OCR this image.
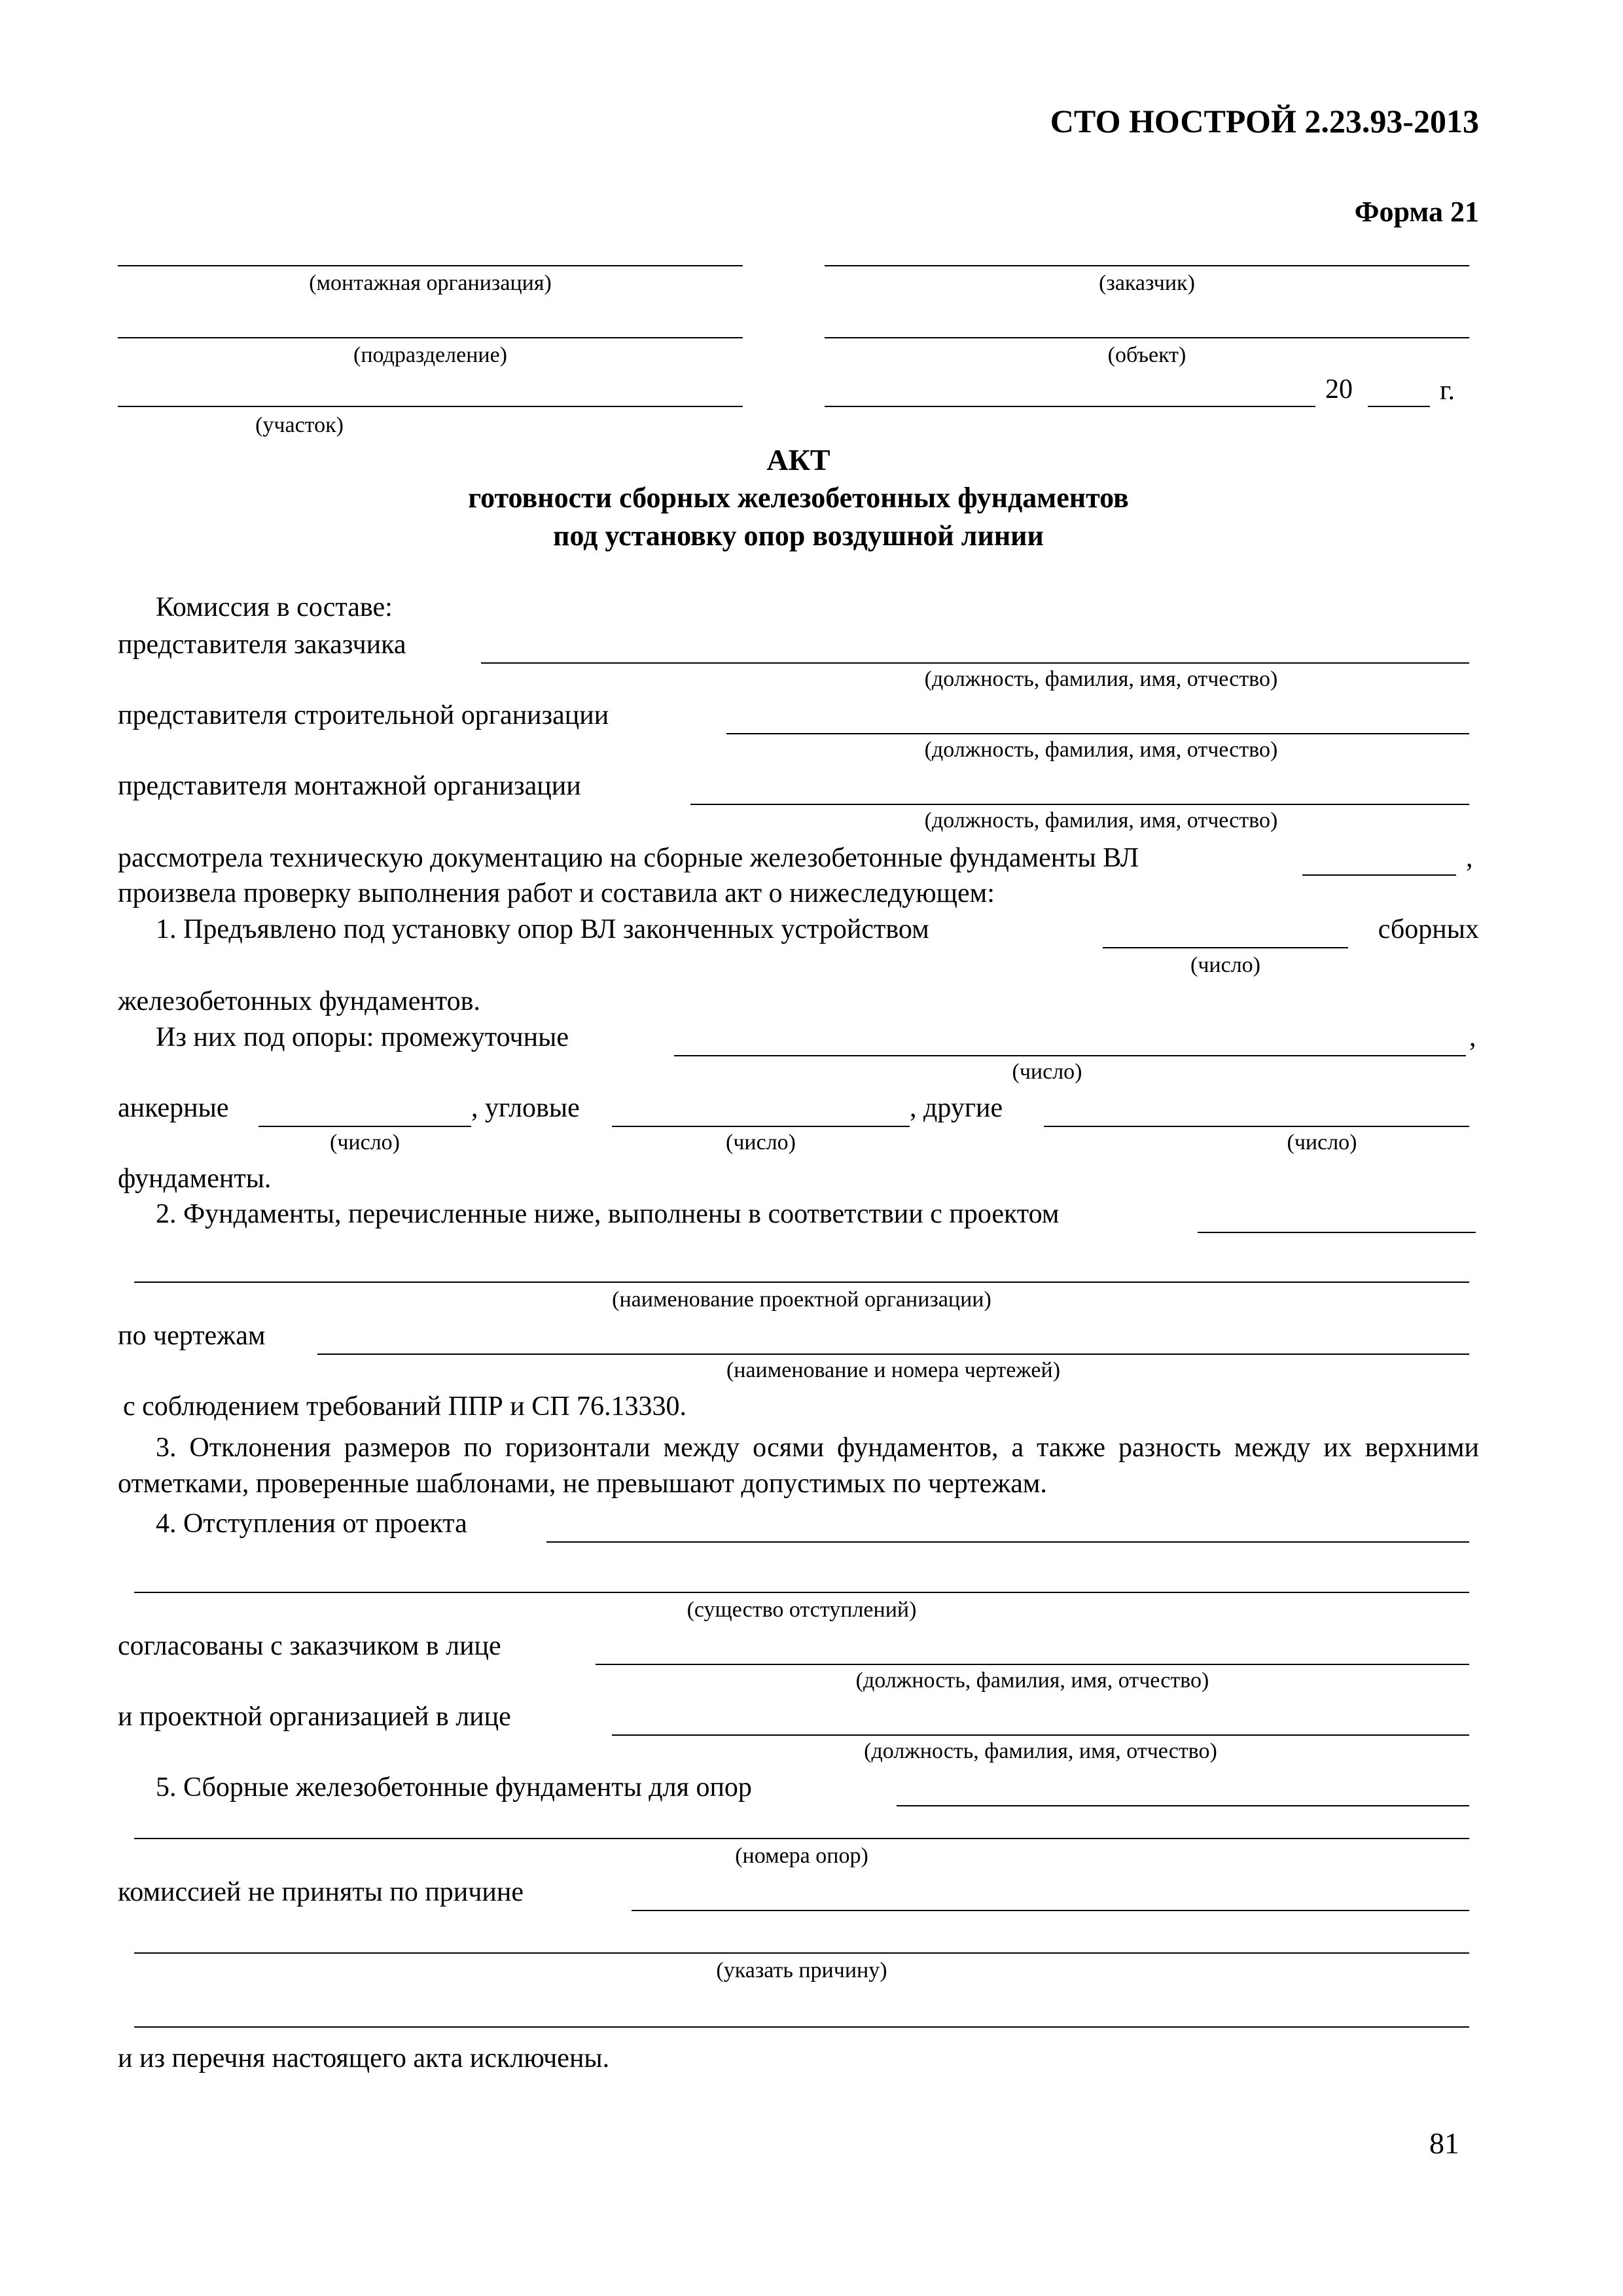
СТО НОСТРОЙ 2.23.93-2013
Форма 21
(монтажная организация)	(заказчик)
(подразделение)	(объект)
(участок)
20	г.
АКТ
готовности сборных железобетонных фундаментов
под установку опор воздушной линии
Комиссия в составе:
представителя заказчика
(должность, фамилия, имя, отчество)
представителя строительной организации
(должность, фамилия, имя, отчество)
представителя монтажной организации
(должность, фамилия, имя, отчество)
рассмотрела техническую документацию на сборные железобетонные фундаменты ВЛ	,
произвела проверку выполнения работ и составила акт о нижеследующем:
1. Предъявлено под установку опор ВЛ законченных устройством	сборных
(число)
железобетонных фундаментов.
Из них под опоры: промежуточные	,
(число)
анкерные
(число)
, угловые
(число)
, другие
(число)
фундаменты.
2. Фундаменты, перечисленные ниже, выполнены в соответствии с проектом
(наименование проектной организации)
по чертежам
(наименование и номера чертежей)
с соблюдением требований ППР и СП 76.13330.
3. Отклонения размеров по горизонтали между осями фундаментов, а также разность между их верхними отметками, проверенные шаблонами, не превышают допустимых по чертежам.
4. Отступления от проекта
(существо отступлений)
согласованы с заказчиком в лице
(должность, фамилия, имя, отчество)
и проектной организацией в лице
(должность, фамилия, имя, отчество)
5. Сборные железобетонные фундаменты для опор
(номера опор)
комиссией не приняты по причине
(указать причину)
и из перечня настоящего акта исключены.
81
